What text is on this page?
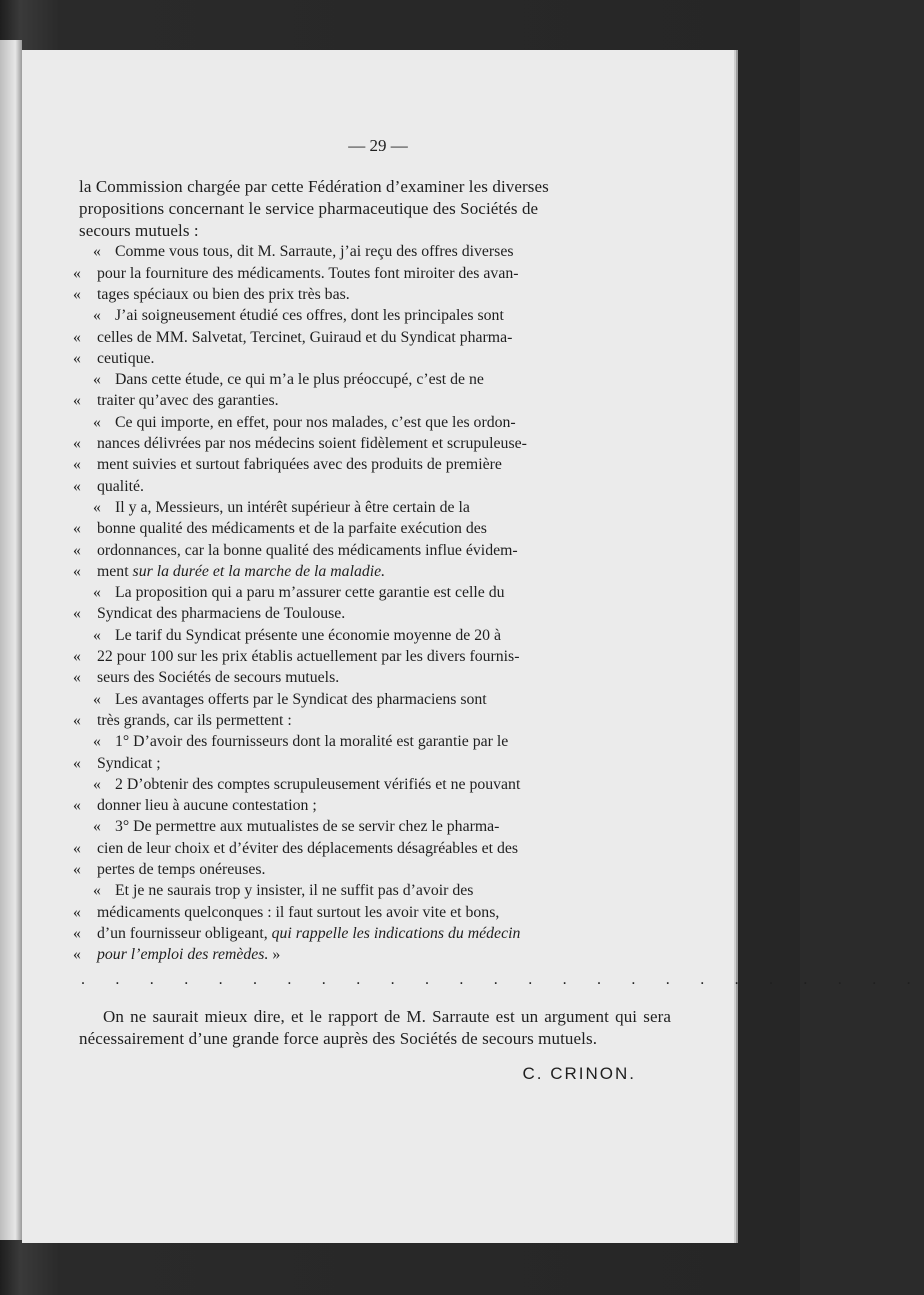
— 29 —
la Commission chargée par cette Fédération d’examiner les diverses
propositions concernant le service pharmaceutique des Sociétés de
secours mutuels :
« Comme vous tous, dit M. Sarraute, j’ai reçu des offres diverses
« pour la fourniture des médicaments. Toutes font miroiter des avan-
« tages spéciaux ou bien des prix très bas.
« J’ai soigneusement étudié ces offres, dont les principales sont
« celles de MM. Salvetat, Tercinet, Guiraud et du Syndicat pharma-
« ceutique.
« Dans cette étude, ce qui m’a le plus préoccupé, c’est de ne
« traiter qu’avec des garanties.
« Ce qui importe, en effet, pour nos malades, c’est que les ordon-
« nances délivrées par nos médecins soient fidèlement et scrupuleuse-
« ment suivies et surtout fabriquées avec des produits de première
« qualité.
« Il y a, Messieurs, un intérêt supérieur à être certain de la
« bonne qualité des médicaments et de la parfaite exécution des
« ordonnances, car la bonne qualité des médicaments influe évidem-
« ment sur la durée et la marche de la maladie.
« La proposition qui a paru m’assurer cette garantie est celle du
« Syndicat des pharmaciens de Toulouse.
« Le tarif du Syndicat présente une économie moyenne de 20 à
« 22 pour 100 sur les prix établis actuellement par les divers fournis-
« seurs des Sociétés de secours mutuels.
« Les avantages offerts par le Syndicat des pharmaciens sont
« très grands, car ils permettent :
« 1° D’avoir des fournisseurs dont la moralité est garantie par le
« Syndicat ;
« 2 D’obtenir des comptes scrupuleusement vérifiés et ne pouvant
« donner lieu à aucune contestation ;
« 3° De permettre aux mutualistes de se servir chez le pharma-
« cien de leur choix et d’éviter des déplacements désagréables et des
« pertes de temps onéreuses.
« Et je ne saurais trop y insister, il ne suffit pas d’avoir des
« médicaments quelconques : il faut surtout les avoir vite et bons,
« d’un fournisseur obligeant, qui rappelle les indications du médecin
« pour l’emploi des remèdes. »
. . . . . . . . . . . . . . . . . . . . . . . . .
On ne saurait mieux dire, et le rapport de M. Sarraute est un argument qui sera nécessairement d’une grande force auprès des Sociétés de secours mutuels.
C. CRINON.
